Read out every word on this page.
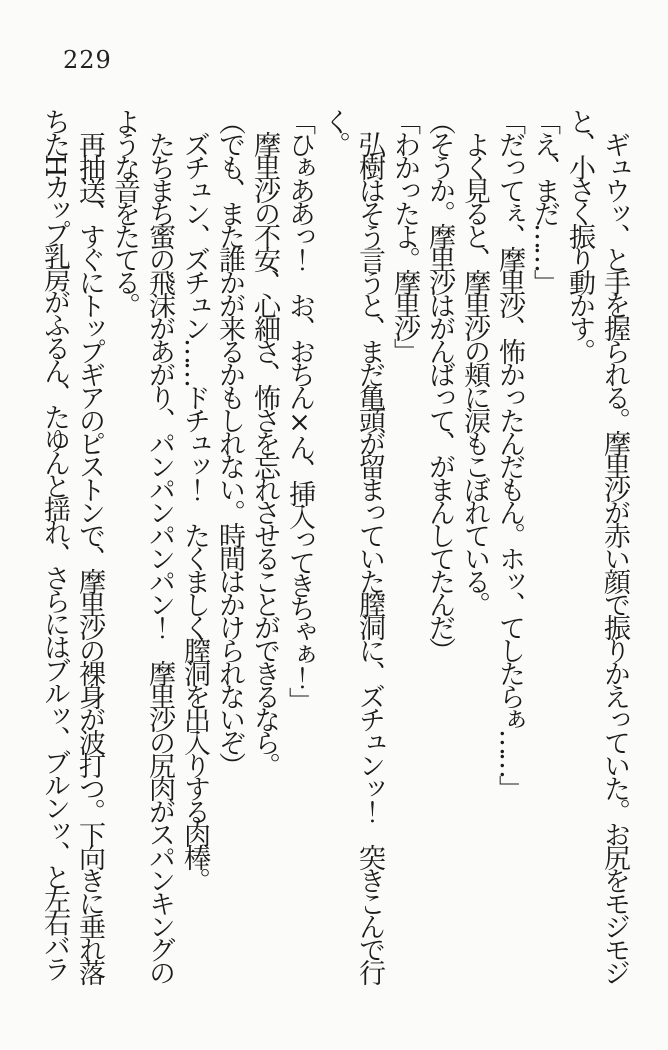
229

ギュウッ、と手を握られる。摩里沙が赤い顔で振りかえっていた。お尻をモジモジ

と、小さく振り動かす。

「え、まだ……」

「だってぇ、摩里沙、怖かったんだもん。ホッ、てしたらぁ……」

よく見ると、摩里沙の頬に涙もこぼれている。

（そうか。摩里沙はがんばって、がまんしてたんだ）

「わかったよ。摩里沙」

弘樹はそう言うと、まだ亀頭が留まっていた膣洞に、ズチュンッ！　突きこんで行

く。

「ひぁああっ！　お、おちん×ん、挿入ってきちゃぁ！」

摩里沙の不安、心細さ、怖さを忘れさせることができるなら。

（でも、また誰かが来るかもしれない。時間はかけられないぞ）

ズチュン、ズチュン……ドチュッ！　たくましく膣洞を出入りする肉棒。

たちまち蜜の飛沫があがり、パンパンパンパン！　摩里沙の尻肉がスパンキングの

ような音をたてる。

再抽送、すぐにトップギアのピストンで、摩里沙の裸身が波打つ。下向きに垂れ落

ちたHカップ乳房がふるん、たゆんと揺れ、さらにはブルッ、ブルンッ、と左右バラ
